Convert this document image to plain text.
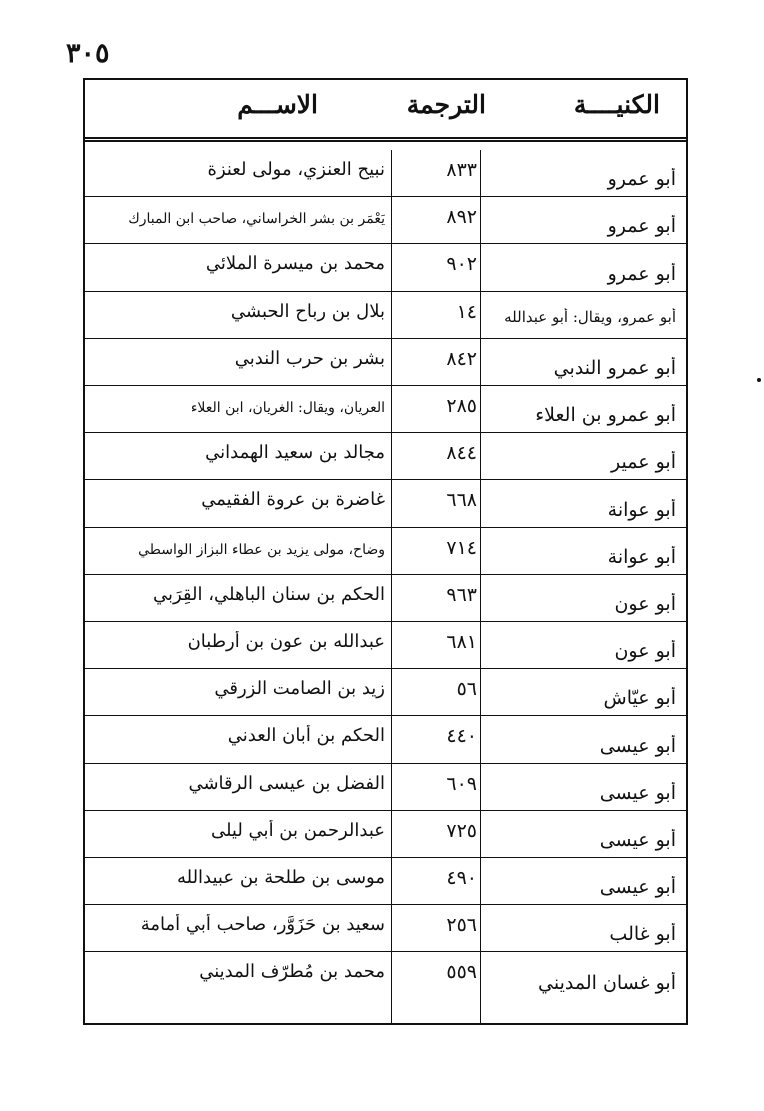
٣٠٥
الكنيــــة
الترجمة
الاســـم
أبو عمرو
٨٣٣
نبيح العنزي، مولى لعنزة
أبو عمرو
٨٩٢
يَعْمَر بن بشر الخراساني، صاحب ابن المبارك
أبو عمرو
٩٠٢
محمد بن ميسرة الملائي
أبو عمرو، ويقال: أبو عبدالله
١٤
بلال بن رباح الحبشي
أبو عمرو الندبي
٨٤٢
بشر بن حرب الندبي
أبو عمرو بن العلاء
٢٨٥
العريان، ويقال: الغريان، ابن العلاء
أبو عمير
٨٤٤
مجالد بن سعيد الهمداني
أبو عوانة
٦٦٨
غاضرة بن عروة الفقيمي
أبو عوانة
٧١٤
وضاح، مولى يزيد بن عطاء البزاز الواسطي
أبو عون
٩٦٣
الحكم بن سنان الباهلي، القِرَبي
أبو عون
٦٨١
عبدالله بن عون بن أرطبان
أبو عيّاش
٥٦
زيد بن الصامت الزرقي
أبو عيسى
٤٤٠
الحكم بن أبان العدني
أبو عيسى
٦٠٩
الفضل بن عيسى الرقاشي
أبو عيسى
٧٢٥
عبدالرحمن بن أبي ليلى
أبو عيسى
٤٩٠
موسى بن طلحة بن عبيدالله
أبو غالب
٢٥٦
سعيد بن حَزَوَّر، صاحب أبي أمامة
أبو غسان المديني
٥٥٩
محمد بن مُطرّف المديني
